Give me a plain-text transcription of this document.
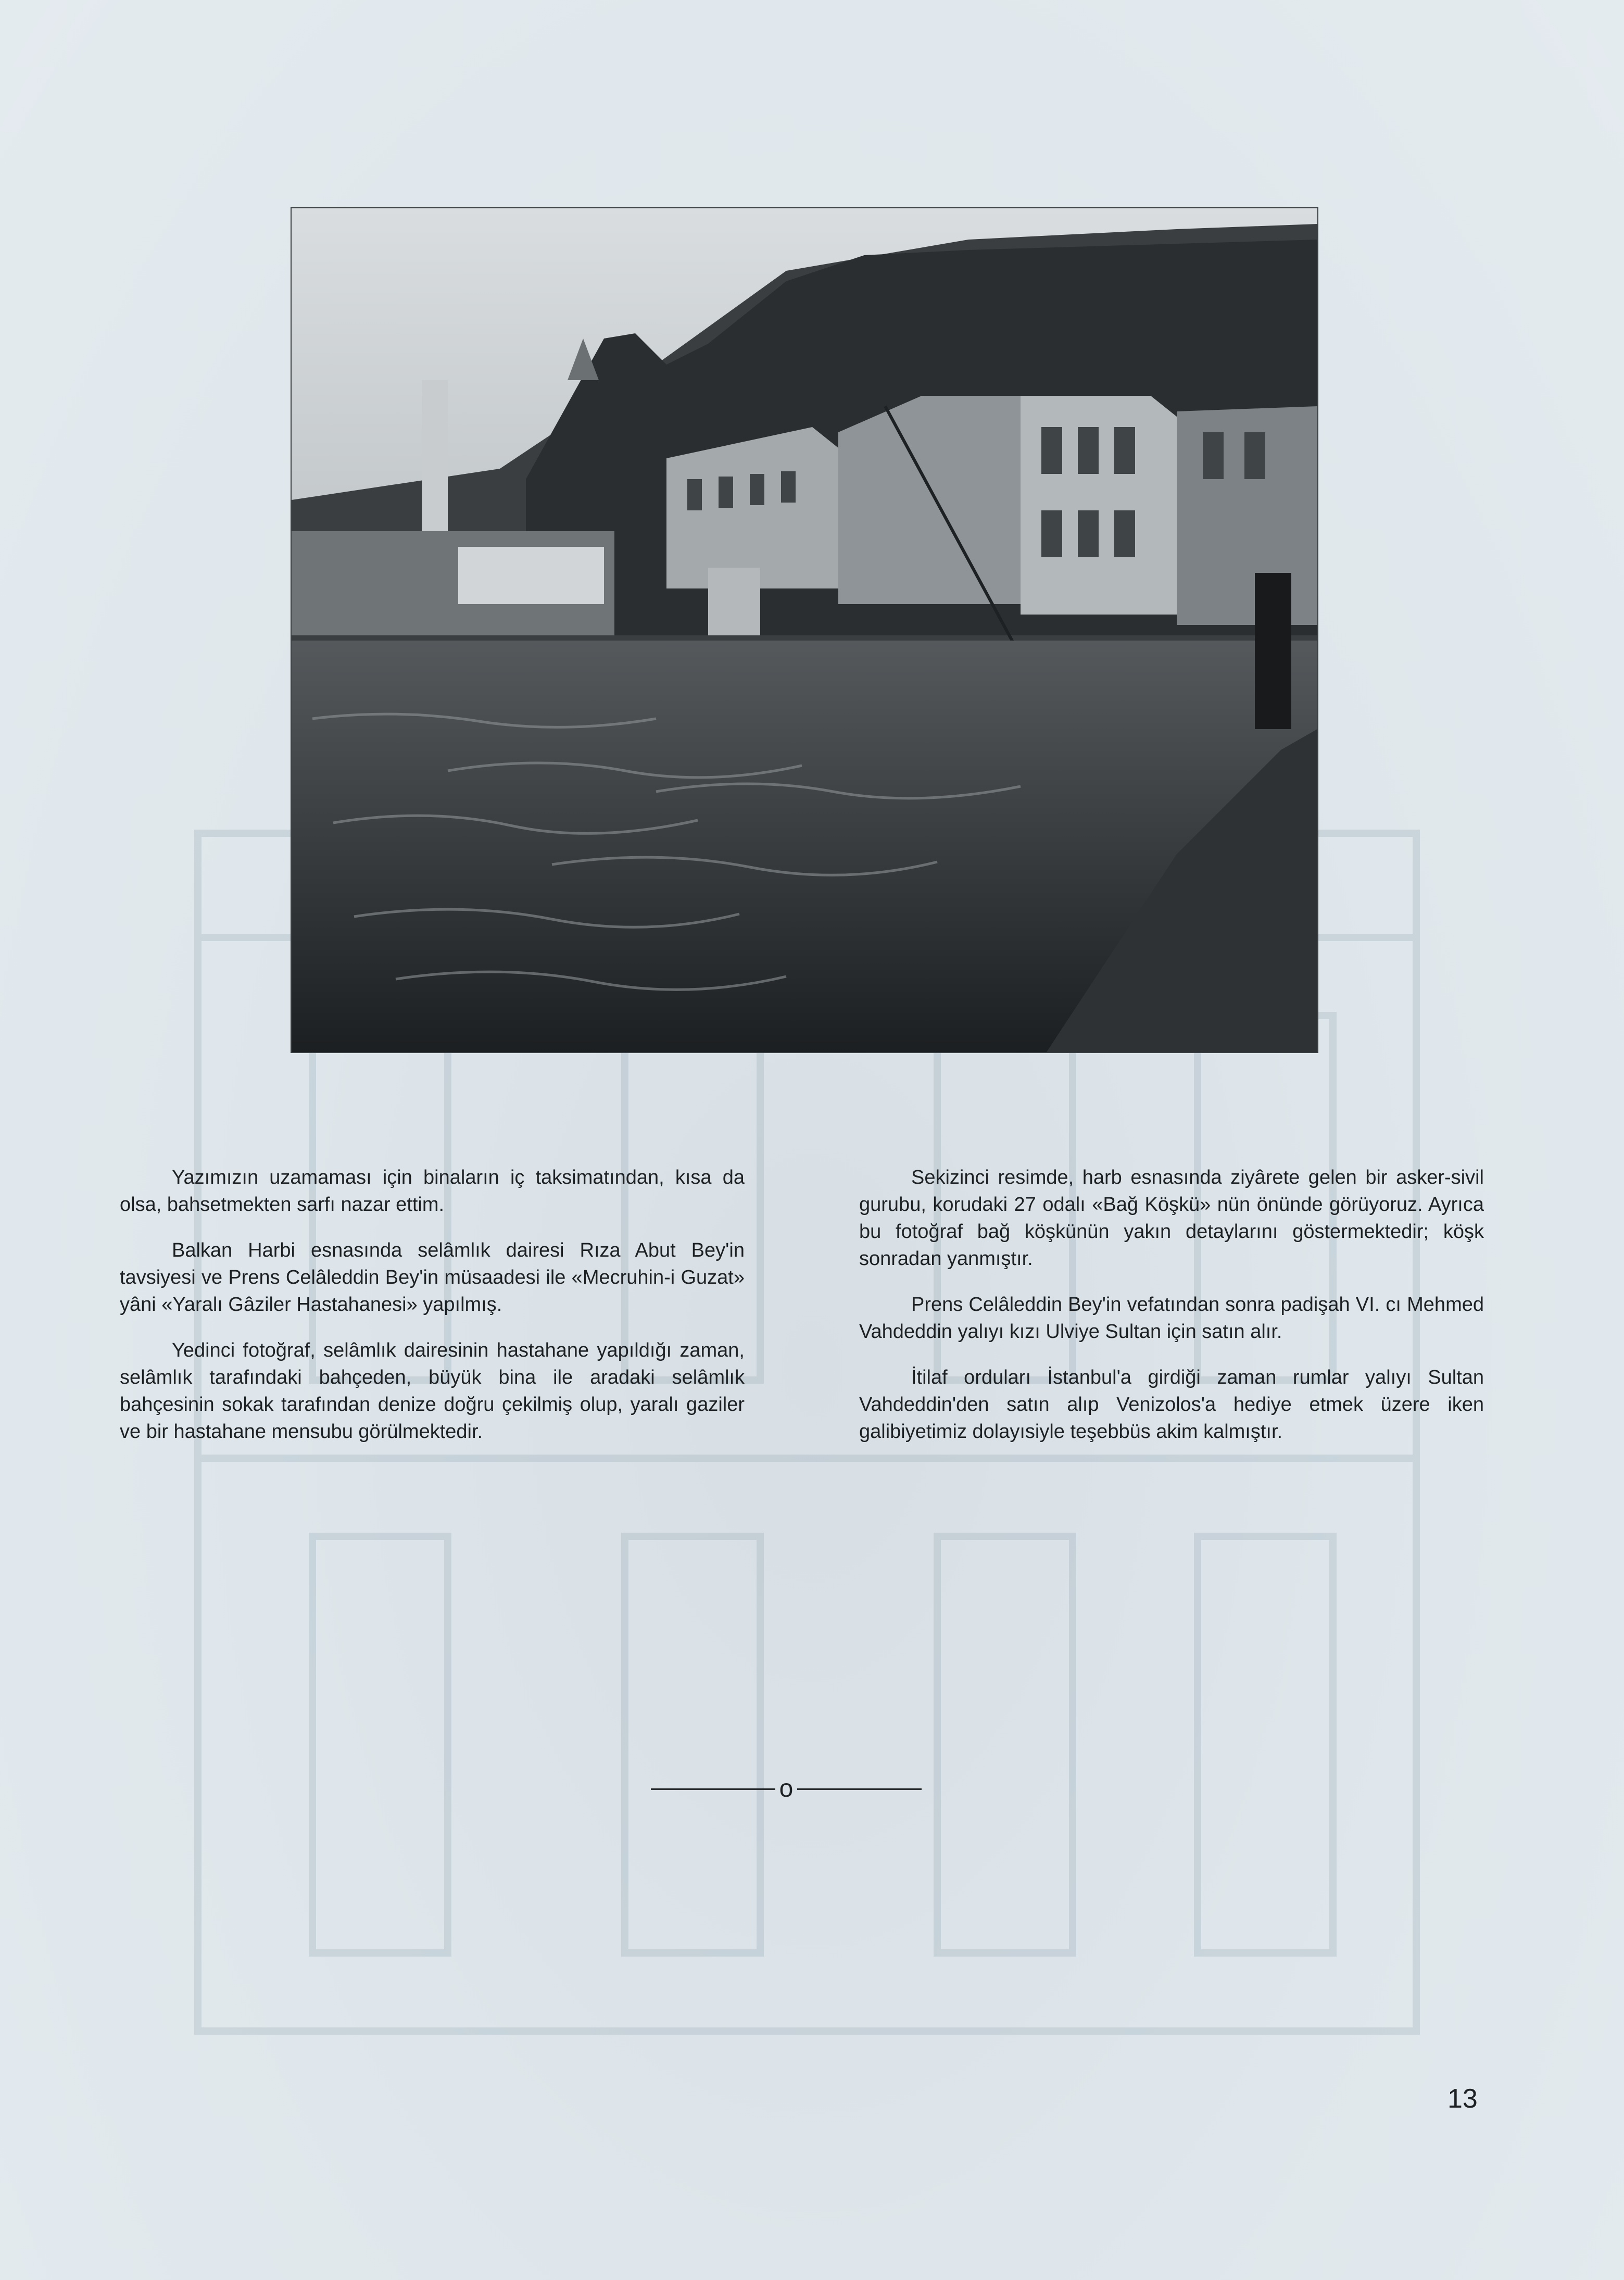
Yazımızın uzamaması için binaların iç taksimatından, kısa da olsa, bahsetmekten sarfı nazar ettim.

Balkan Harbi esnasında selâmlık dairesi Rıza Abut Bey'in tavsiyesi ve Prens Celâleddin Bey'in müsaadesi ile «Mecruhin-i Guzat» yâni «Yaralı Gâziler Hastahanesi» yapılmış.

Yedinci fotoğraf, selâmlık dairesinin hastahane yapıldığı zaman, selâmlık tarafındaki bahçeden, büyük bina ile aradaki selâmlık bahçesinin sokak tarafından denize doğru çekilmiş olup, yaralı gaziler ve bir hastahane mensubu görülmektedir.

Sekizinci resimde, harb esnasında ziyârete gelen bir asker-sivil gurubu, korudaki 27 odalı «Bağ Köşkü» nün önünde görüyoruz. Ayrıca bu fotoğraf bağ köşkünün yakın detaylarını göstermektedir; köşk sonradan yanmıştır.

Prens Celâleddin Bey'in vefatından sonra padişah VI. cı Mehmed Vahdeddin yalıyı kızı Ulviye Sultan için satın alır.

İtilaf orduları İstanbul'a girdiği zaman rumlar yalıyı Sultan Vahdeddin'den satın alıp Venizolos'a hediye etmek üzere iken galibiyetimiz dolayısiyle teşebbüs akim kalmıştır.

o
13
